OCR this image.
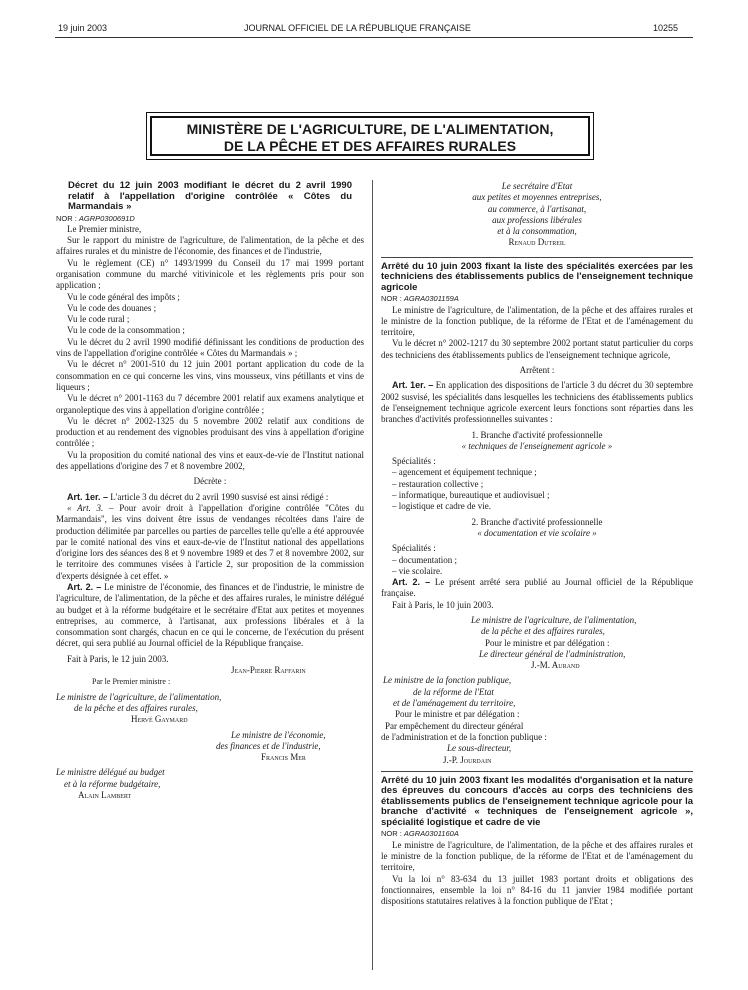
19 juin 2003	JOURNAL OFFICIEL DE LA RÉPUBLIQUE FRANÇAISE	10255
MINISTÈRE DE L'AGRICULTURE, DE L'ALIMENTATION,
DE LA PÊCHE ET DES AFFAIRES RURALES

Décret du 12 juin 2003 modifiant le décret du 2 avril 1990 relatif à l'appellation d'origine contrôlée « Côtes du Marmandais »

NOR : AGRP0300691D

Le Premier ministre,

Sur le rapport du ministre de l'agriculture, de l'alimentation, de la pêche et des affaires rurales et du ministre de l'économie, des finances et de l'industrie,

Vu le règlement (CE) n° 1493/1999 du Conseil du 17 mai 1999 portant organisation commune du marché vitivinicole et les règlements pris pour son application ;

Vu le code général des impôts ;

Vu le code des douanes ;

Vu le code rural ;

Vu le code de la consommation ;

Vu le décret du 2 avril 1990 modifié définissant les conditions de production des vins de l'appellation d'origine contrôlée « Côtes du Marmandais » ;

Vu le décret n° 2001-510 du 12 juin 2001 portant application du code de la consommation en ce qui concerne les vins, vins mousseux, vins pétillants et vins de liqueurs ;

Vu le décret n° 2001-1163 du 7 décembre 2001 relatif aux examens analytique et organoleptique des vins à appellation d'origine contrôlée ;

Vu le décret n° 2002-1325 du 5 novembre 2002 relatif aux conditions de production et au rendement des vignobles produisant des vins à appellation d'origine contrôlée ;

Vu la proposition du comité national des vins et eaux-de-vie de l'Institut national des appellations d'origine des 7 et 8 novembre 2002,

Décrète :

Art. 1er. – L'article 3 du décret du 2 avril 1990 susvisé est ainsi rédigé :

« Art. 3. – Pour avoir droit à l'appellation d'origine contrôlée "Côtes du Marmandais", les vins doivent être issus de vendanges récoltées dans l'aire de production délimitée par parcelles ou parties de parcelles telle qu'elle a été approuvée par le comité national des vins et eaux-de-vie de l'Institut national des appellations d'origine lors des séances des 8 et 9 novembre 1989 et des 7 et 8 novembre 2002, sur le territoire des communes visées à l'article 2, sur proposition de la commission d'experts désignée à cet effet. »

Art. 2. – Le ministre de l'économie, des finances et de l'industrie, le ministre de l'agriculture, de l'alimentation, de la pêche et des affaires rurales, le ministre délégué au budget et à la réforme budgétaire et le secrétaire d'Etat aux petites et moyennes entreprises, au commerce, à l'artisanat, aux professions libérales et à la consommation sont chargés, chacun en ce qui le concerne, de l'exécution du présent décret, qui sera publié au Journal officiel de la République française.

Fait à Paris, le 12 juin 2003.

Jean-Pierre Raffarin

Par le Premier ministre :

Le ministre de l'agriculture, de l'alimentation,

de la pêche et des affaires rurales,

Hervé Gaymard

Le ministre de l'économie,

des finances et de l'industrie,

Francis Mer

Le ministre délégué au budget

et à la réforme budgétaire,

Alain Lambert

Le secrétaire d'Etat

aux petites et moyennes entreprises,

au commerce, à l'artisanat,

aux professions libérales

et à la consommation,

Renaud Dutreil

Arrêté du 10 juin 2003 fixant la liste des spécialités exercées par les techniciens des établissements publics de l'enseignement technique agricole

NOR : AGRA0301159A

Le ministre de l'agriculture, de l'alimentation, de la pêche et des affaires rurales et le ministre de la fonction publique, de la réforme de l'Etat et de l'aménagement du territoire,

Vu le décret n° 2002-1217 du 30 septembre 2002 portant statut particulier du corps des techniciens des établissements publics de l'enseignement technique agricole,

Arrêtent :

Art. 1er. – En application des dispositions de l'article 3 du décret du 30 septembre 2002 susvisé, les spécialités dans lesquelles les techniciens des établissements publics de l'enseignement technique agricole exercent leurs fonctions sont réparties dans les branches d'activités professionnelles suivantes :

1. Branche d'activité professionnelle

« techniques de l'enseignement agricole »

Spécialités :

– agencement et équipement technique ;

– restauration collective ;

– informatique, bureautique et audiovisuel ;

– logistique et cadre de vie.

2. Branche d'activité professionnelle

« documentation et vie scolaire »

Spécialités :

– documentation ;

– vie scolaire.

Art. 2. – Le présent arrêté sera publié au Journal officiel de la République française.

Fait à Paris, le 10 juin 2003.

Le ministre de l'agriculture, de l'alimentation,

de la pêche et des affaires rurales,

Pour le ministre et par délégation :

Le directeur général de l'administration,

J.-M. Aurand

Le ministre de la fonction publique,

de la réforme de l'Etat

et de l'aménagement du territoire,

Pour le ministre et par délégation :

Par empêchement du directeur général

de l'administration et de la fonction publique :

Le sous-directeur,

J.-P. Jourdain

Arrêté du 10 juin 2003 fixant les modalités d'organisation et la nature des épreuves du concours d'accès au corps des techniciens des établissements publics de l'enseignement technique agricole pour la branche d'activité « techniques de l'enseignement agricole », spécialité logistique et cadre de vie

NOR : AGRA0301160A

Le ministre de l'agriculture, de l'alimentation, de la pêche et des affaires rurales et le ministre de la fonction publique, de la réforme de l'Etat et de l'aménagement du territoire,

Vu la loi n° 83-634 du 13 juillet 1983 portant droits et obligations des fonctionnaires, ensemble la loi n° 84-16 du 11 janvier 1984 modifiée portant dispositions statutaires relatives à la fonction publique de l'Etat ;
